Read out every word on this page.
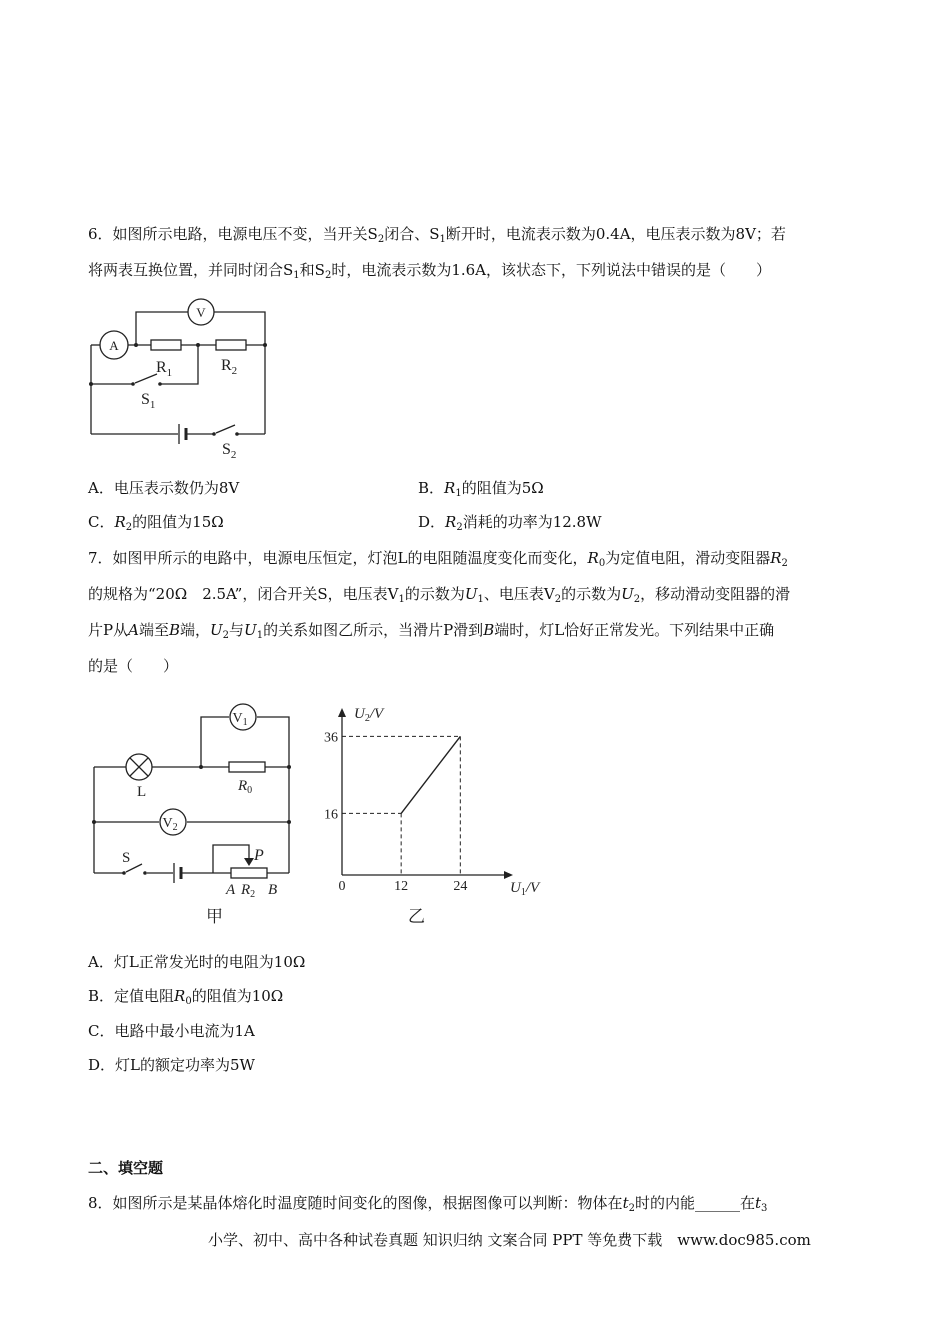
6．如图所示电路，电源电压不变，当开关$S_2$闭合、$S_1$断开时，电流表示数为0.4A，电压表示数为8V；若
将两表互换位置，并同时闭合$S_1$和$S_2$时，电流表示数为1.6A，该状态下，下列说法中错误的是（　　）
V
A
$R_1$	$R_2$
$S_1$
$S_2$
A．电压表示数仍为8V	B．$R_1$的阻值为5Ω
C．$R_2$的阻值为15Ω	D．$R_2$消耗的功率为12.8W
7．如图甲所示的电路中，电源电压恒定，灯泡L的电阻随温度变化而变化，$R_0$为定值电阻，滑动变阻器$R_2$
的规格为“20Ω　2.5A”，闭合开关S，电压表$V_1$的示数为$U_1$、电压表$V_2$的示数为$U_2$，移动滑动变阻器的滑
片P从A端至B端，$U_2$与$U_1$的关系如图乙所示，当滑片P滑到B端时，灯L恰好正常发光。下列结果中正确
的是（　　）
$V_1$
$V_2$
L	$R_0$
S	P
A $R_2$ B
甲
0	12	24
16
36
$U_2/V$
$U_1/V$
乙
A．灯L正常发光时的电阻为10Ω
B．定值电阻$R_0$的阻值为10Ω
C．电路中最小电流为1A
D．灯L的额定功率为5W
二、填空题
8．如图所示是某晶体熔化时温度随时间变化的图像，根据图像可以判断：物体在$t_2$时的内能______在$t_3$
小学、初中、高中各种试卷真题 知识归纳 文案合同 PPT 等免费下载　www.doc985.com
